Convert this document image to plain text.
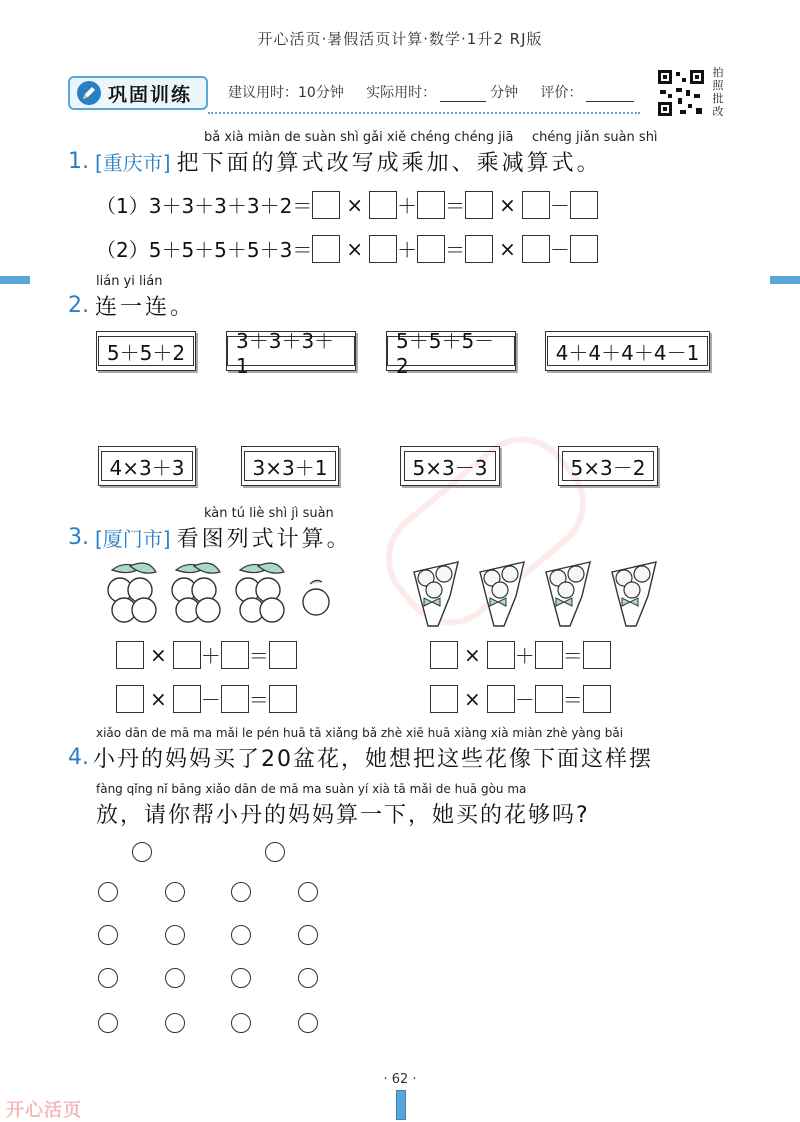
开心活页·暑假活页计算·数学·1升2 RJ版
巩固训练	建议用时：10分钟 实际用时：	分钟 评价：
拍照批改
bǎ xià miàn de suàn shì gǎi xiě chéng chéng jiā chéng jiǎn suàn shì
1. [重庆市] 把下面的算式改写成乘加、 乘减算式。
（1） 3＋3＋3＋3＋2＝ × ＋ ＝ × －
（2） 5＋5＋5＋5＋3＝ × ＋ ＝ × －
lián yi lián
2. 连一连。
5＋5＋2	3＋3＋3＋1
5＋5＋5－2
4＋4＋4＋4－1
4×3＋3	3×3＋1	5×3－3	5×3－2
kàn tú liè shì jì suàn
3. [厦门市] 看图列式计算。
× ＋ ＝
× － ＝
× ＋ ＝
× － ＝
xiǎo dān de mā ma mǎi le pén huā tā xiǎng bǎ zhè xiē huā xiàng xià miàn zhè yàng bǎi
4. 小丹的妈妈买了20盆花，她想把这些花像下面这样摆
fàng qǐng nǐ bāng xiǎo dān de mā ma suàn yí xià tā mǎi de huā gòu ma
放，请你帮小丹的妈妈算一下，她买的花够吗?
· 62 ·
开心活页
